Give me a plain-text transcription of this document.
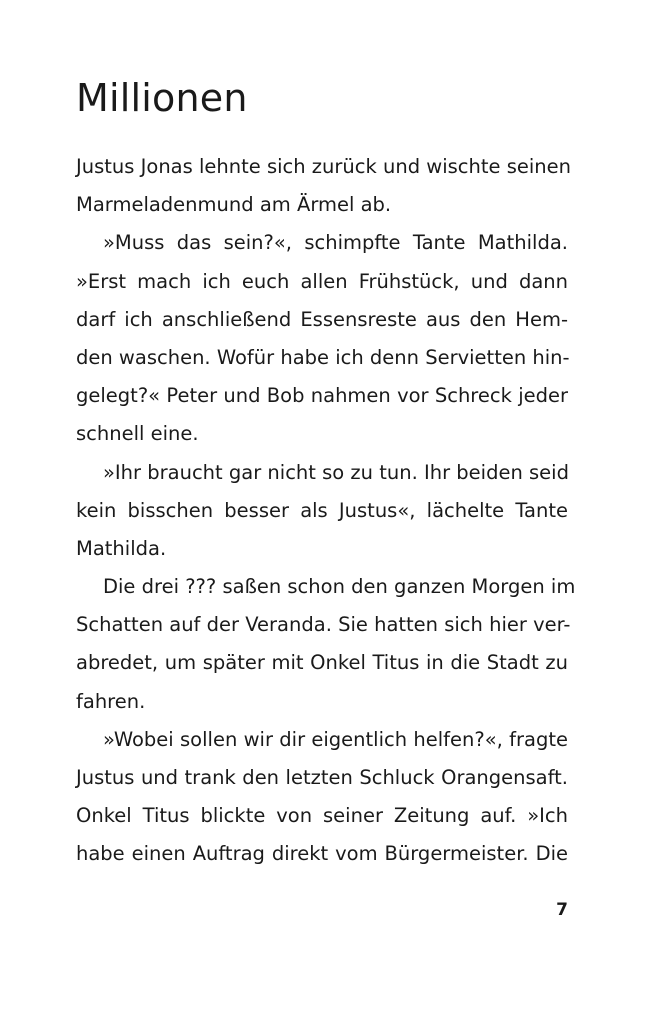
Millionen
Justus Jonas lehnte sich zurück und wischte seinen
Marmeladenmund am Ärmel ab.
»Muss das sein?«, schimpfte Tante Mathilda.
»Erst mach ich euch allen Frühstück, und dann
darf ich anschließend Essensreste aus den Hem-
den waschen. Wofür habe ich denn Servietten hin-
gelegt?« Peter und Bob nahmen vor Schreck jeder
schnell eine.
»Ihr braucht gar nicht so zu tun. Ihr beiden seid
kein bisschen besser als Justus«, lächelte Tante
Mathilda.
Die drei ??? saßen schon den ganzen Morgen im
Schatten auf der Veranda. Sie hatten sich hier ver-
abredet, um später mit Onkel Titus in die Stadt zu
fahren.
»Wobei sollen wir dir eigentlich helfen?«, fragte
Justus und trank den letzten Schluck Orangensaft.
Onkel Titus blickte von seiner Zeitung auf. »Ich
habe einen Auftrag direkt vom Bürgermeister. Die
7
